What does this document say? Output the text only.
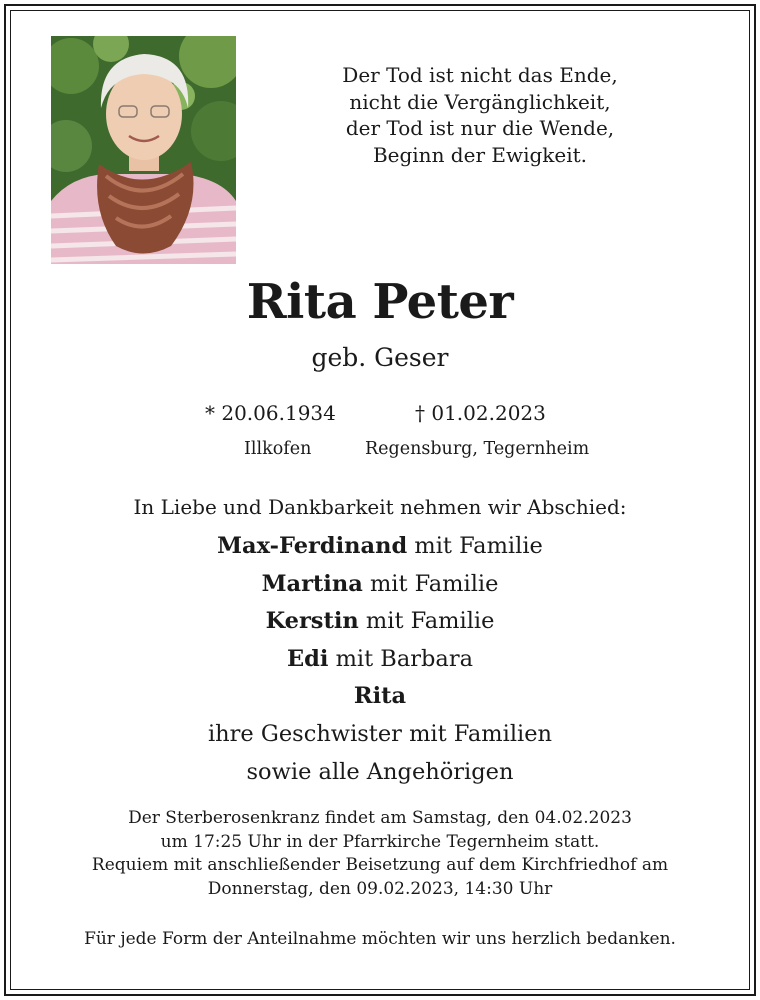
Der Tod ist nicht das Ende,
nicht die Vergänglichkeit,
der Tod ist nur die Wende,
Beginn der Ewigkeit.
Rita Peter
geb. Geser
* 20.06.1934	† 01.02.2023
Illkofen	Regensburg, Tegernheim
In Liebe und Dankbarkeit nehmen wir Abschied:
Max-Ferdinand mit Familie
Martina mit Familie
Kerstin mit Familie
Edi mit Barbara
Rita
ihre Geschwister mit Familien
sowie alle Angehörigen
Der Sterberosenkranz findet am Samstag, den 04.02.2023
um 17:25 Uhr in der Pfarrkirche Tegernheim statt.
Requiem mit anschließender Beisetzung auf dem Kirchfriedhof am
Donnerstag, den 09.02.2023, 14:30 Uhr
Für jede Form der Anteilnahme möchten wir uns herzlich bedanken.
